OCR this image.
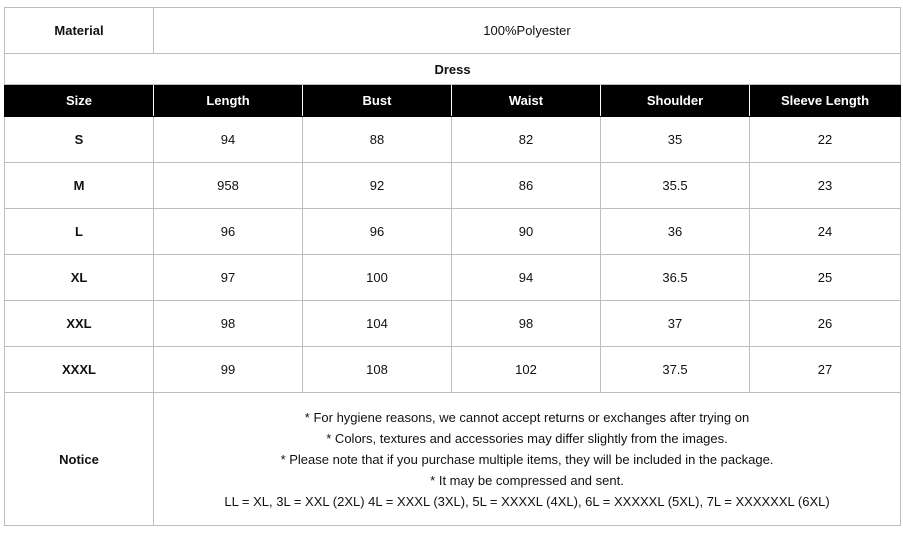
Material	100%Polyester				
Dress					
Size	Length	Bust	Waist	Shoulder	Sleeve Length
S	94	88	82	35	22
M	958	92	86	35.5	23
L	96	96	90	36	24
XL	97	100	94	36.5	25
XXL	98	104	98	37	26
XXXL	99	108	102	37.5	27
Notice	* For hygiene reasons, we cannot accept returns or exchanges after trying on
* Colors, textures and accessories may differ slightly from the images.
* Please note that if you purchase multiple items, they will be included in the package.
* It may be compressed and sent.
LL = XL, 3L = XXL (2XL) 4L = XXXL (3XL), 5L = XXXXL (4XL), 6L = XXXXXL (5XL), 7L = XXXXXXL (6XL)				
